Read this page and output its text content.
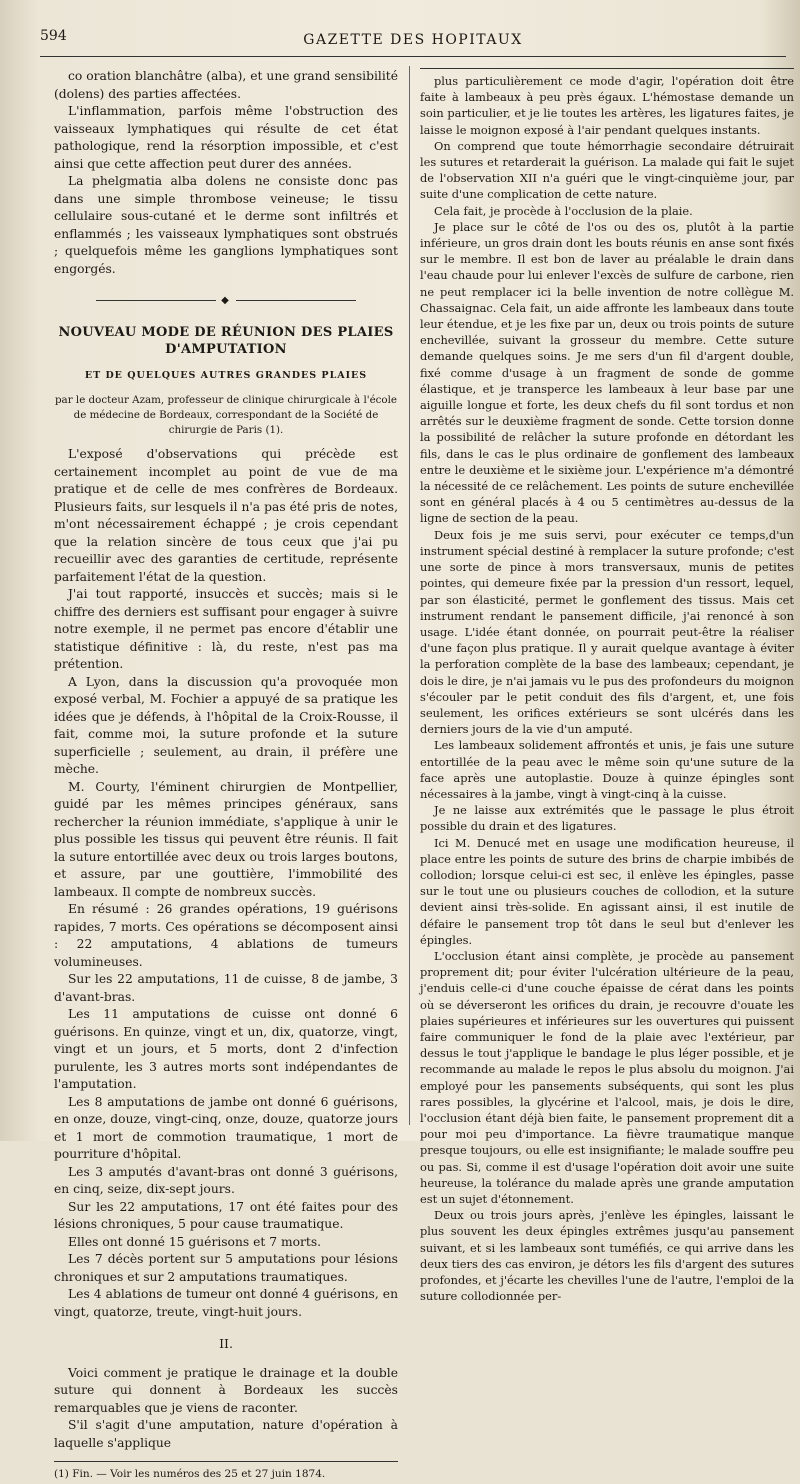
594	GAZETTE DES HOPITAUX

co oration blanchâtre (alba), et une grand sensibilité (dolens) des parties affectées.

L'inflammation, parfois même l'obstruction des vaisseaux lymphatiques qui résulte de cet état pathologique, rend la résorption impossible, et c'est ainsi que cette affection peut durer des années.

La phelgmatia alba dolens ne consiste donc pas dans une simple thrombose veineuse; le tissu cellulaire sous-cutané et le derme sont infiltrés et enflammés ; les vaisseaux lymphatiques sont obstrués ; quelquefois même les ganglions lymphatiques sont engorgés.

◆
NOUVEAU MODE DE RÉUNION DES PLAIES D'AMPUTATION
ET DE QUELQUES AUTRES GRANDES PLAIES
par le docteur Azam, professeur de clinique chirurgicale à l'école de médecine de Bordeaux, correspondant de la Société de chirurgie de Paris (1).

L'exposé d'observations qui précède est certainement incomplet au point de vue de ma pratique et de celle de mes confrères de Bordeaux. Plusieurs faits, sur lesquels il n'a pas été pris de notes, m'ont nécessairement échappé ; je crois cependant que la relation sincère de tous ceux que j'ai pu recueillir avec des garanties de certitude, représente parfaitement l'état de la question.

J'ai tout rapporté, insuccès et succès; mais si le chiffre des derniers est suffisant pour engager à suivre notre exemple, il ne permet pas encore d'établir une statistique définitive : là, du reste, n'est pas ma prétention.

A Lyon, dans la discussion qu'a provoquée mon exposé verbal, M. Fochier a appuyé de sa pratique les idées que je défends, à l'hôpital de la Croix-Rousse, il fait, comme moi, la suture profonde et la suture superficielle ; seulement, au drain, il préfère une mèche.

M. Courty, l'éminent chirurgien de Montpellier, guidé par les mêmes principes généraux, sans rechercher la réunion immédiate, s'applique à unir le plus possible les tissus qui peuvent être réunis. Il fait la suture entortillée avec deux ou trois larges boutons, et assure, par une gouttière, l'immobilité des lambeaux. Il compte de nombreux succès.

En résumé : 26 grandes opérations, 19 guérisons rapides, 7 morts. Ces opérations se décomposent ainsi : 22 amputations, 4 ablations de tumeurs volumineuses.

Sur les 22 amputations, 11 de cuisse, 8 de jambe, 3 d'avant-bras.

Les 11 amputations de cuisse ont donné 6 guérisons. En quinze, vingt et un, dix, quatorze, vingt, vingt et un jours, et 5 morts, dont 2 d'infection purulente, les 3 autres morts sont indépendantes de l'amputation.

Les 8 amputations de jambe ont donné 6 guérisons, en onze, douze, vingt-cinq, onze, douze, quatorze jours et 1 mort de commotion traumatique, 1 mort de pourriture d'hôpital.

Les 3 amputés d'avant-bras ont donné 3 guérisons, en cinq, seize, dix-sept jours.

Sur les 22 amputations, 17 ont été faites pour des lésions chroniques, 5 pour cause traumatique.

Elles ont donné 15 guérisons et 7 morts.

Les 7 décès portent sur 5 amputations pour lésions chroniques et sur 2 amputations traumatiques.

Les 4 ablations de tumeur ont donné 4 guérisons, en vingt, quatorze, treute, vingt-huit jours.

II.

Voici comment je pratique le drainage et la double suture qui donnent à Bordeaux les succès remarquables que je viens de raconter.

S'il s'agit d'une amputation, nature d'opération à laquelle s'applique

(1) Fin. — Voir les numéros des 25 et 27 juin 1874.

plus particulièrement ce mode d'agir, l'opération doit être faite à lambeaux à peu près égaux. L'hémostase demande un soin particulier, et je lie toutes les artères, les ligatures faites, je laisse le moignon exposé à l'air pendant quelques instants.

On comprend que toute hémorrhagie secondaire détruirait les sutures et retarderait la guérison. La malade qui fait le sujet de l'observation XII n'a guéri que le vingt-cinquième jour, par suite d'une complication de cette nature.

Cela fait, je procède à l'occlusion de la plaie.

Je place sur le côté de l'os ou des os, plutôt à la partie inférieure, un gros drain dont les bouts réunis en anse sont fixés sur le membre. Il est bon de laver au préalable le drain dans l'eau chaude pour lui enlever l'excès de sulfure de carbone, rien ne peut remplacer ici la belle invention de notre collègue M. Chassaignac. Cela fait, un aide affronte les lambeaux dans toute leur étendue, et je les fixe par un, deux ou trois points de suture enchevillée, suivant la grosseur du membre. Cette suture demande quelques soins. Je me sers d'un fil d'argent double, fixé comme d'usage à un fragment de sonde de gomme élastique, et je transperce les lambeaux à leur base par une aiguille longue et forte, les deux chefs du fil sont tordus et non arrêtés sur le deuxième fragment de sonde. Cette torsion donne la possibilité de relâcher la suture profonde en détordant les fils, dans le cas le plus ordinaire de gonflement des lambeaux entre le deuxième et le sixième jour. L'expérience m'a démontré la nécessité de ce relâchement. Les points de suture enchevillée sont en général placés à 4 ou 5 centimètres au-dessus de la ligne de section de la peau.

Deux fois je me suis servi, pour exécuter ce temps,d'un instrument spécial destiné à remplacer la suture profonde; c'est une sorte de pince à mors transversaux, munis de petites pointes, qui demeure fixée par la pression d'un ressort, lequel, par son élasticité, permet le gonflement des tissus. Mais cet instrument rendant le pansement difficile, j'ai renoncé à son usage. L'idée étant donnée, on pourrait peut-être la réaliser d'une façon plus pratique. Il y aurait quelque avantage à éviter la perforation complète de la base des lambeaux; cependant, je dois le dire, je n'ai jamais vu le pus des profondeurs du moignon s'écouler par le petit conduit des fils d'argent, et, une fois seulement, les orifices extérieurs se sont ulcérés dans les derniers jours de la vie d'un amputé.

Les lambeaux solidement affrontés et unis, je fais une suture entortillée de la peau avec le même soin qu'une suture de la face après une autoplastie. Douze à quinze épingles sont nécessaires à la jambe, vingt à vingt-cinq à la cuisse.

Je ne laisse aux extrémités que le passage le plus étroit possible du drain et des ligatures.

Ici M. Denucé met en usage une modification heureuse, il place entre les points de suture des brins de charpie imbibés de collodion; lorsque celui-ci est sec, il enlève les épingles, passe sur le tout une ou plusieurs couches de collodion, et la suture devient ainsi très-solide. En agissant ainsi, il est inutile de défaire le pansement trop tôt dans le seul but d'enlever les épingles.

L'occlusion étant ainsi complète, je procède au pansement proprement dit; pour éviter l'ulcération ultérieure de la peau, j'enduis celle-ci d'une couche épaisse de cérat dans les points où se déverseront les orifices du drain, je recouvre d'ouate les plaies supérieures et inférieures sur les ouvertures qui puissent faire communiquer le fond de la plaie avec l'extérieur, par dessus le tout j'applique le bandage le plus léger possible, et je recommande au malade le repos le plus absolu du moignon. J'ai employé pour les pansements subséquents, qui sont les plus rares possibles, la glycérine et l'alcool, mais, je dois le dire, l'occlusion étant déjà bien faite, le pansement proprement dit a pour moi peu d'importance. La fièvre traumatique manque presque toujours, ou elle est insignifiante; le malade souffre peu ou pas. Si, comme il est d'usage l'opération doit avoir une suite heureuse, la tolérance du malade après une grande amputation est un sujet d'étonnement.

Deux ou trois jours après, j'enlève les épingles, laissant le plus souvent les deux épingles extrêmes jusqu'au pansement suivant, et si les lambeaux sont tuméfiés, ce qui arrive dans les deux tiers des cas environ, je détors les fils d'argent des sutures profondes, et j'écarte les chevilles l'une de l'autre, l'emploi de la suture collodionnée per-
